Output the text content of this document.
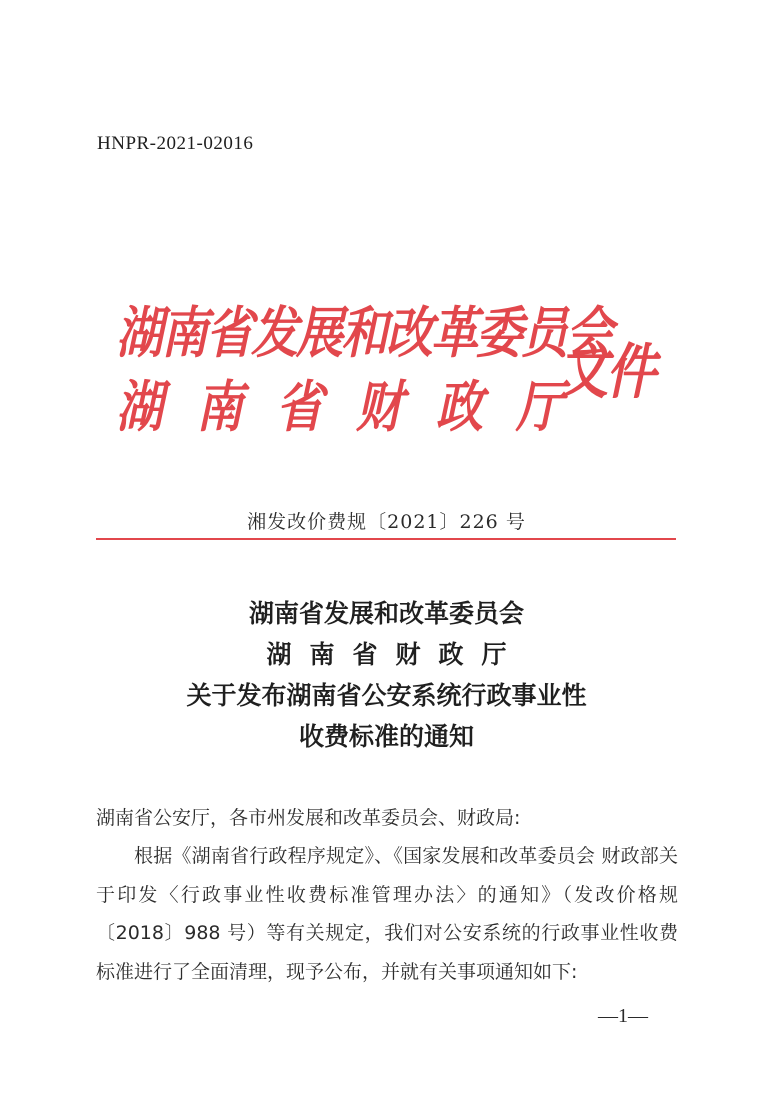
HNPR-2021-02016
湖南省发展和改革委员会
湖 南 省 财 政 厅
文件
湘发改价费规〔2021〕226 号
湖南省发展和改革委员会
湖南省财政厅
关于发布湖南省公安系统行政事业性
收费标准的通知
湖南省公安厅，各市州发展和改革委员会、财政局:
根据《湖南省行政程序规定》、《国家发展和改革委员会 财政部关于印发〈行政事业性收费标准管理办法〉的通知》（发改价格规〔2018〕988 号）等有关规定，我们对公安系统的行政事业性收费标准进行了全面清理，现予公布，并就有关事项通知如下:
—1—
